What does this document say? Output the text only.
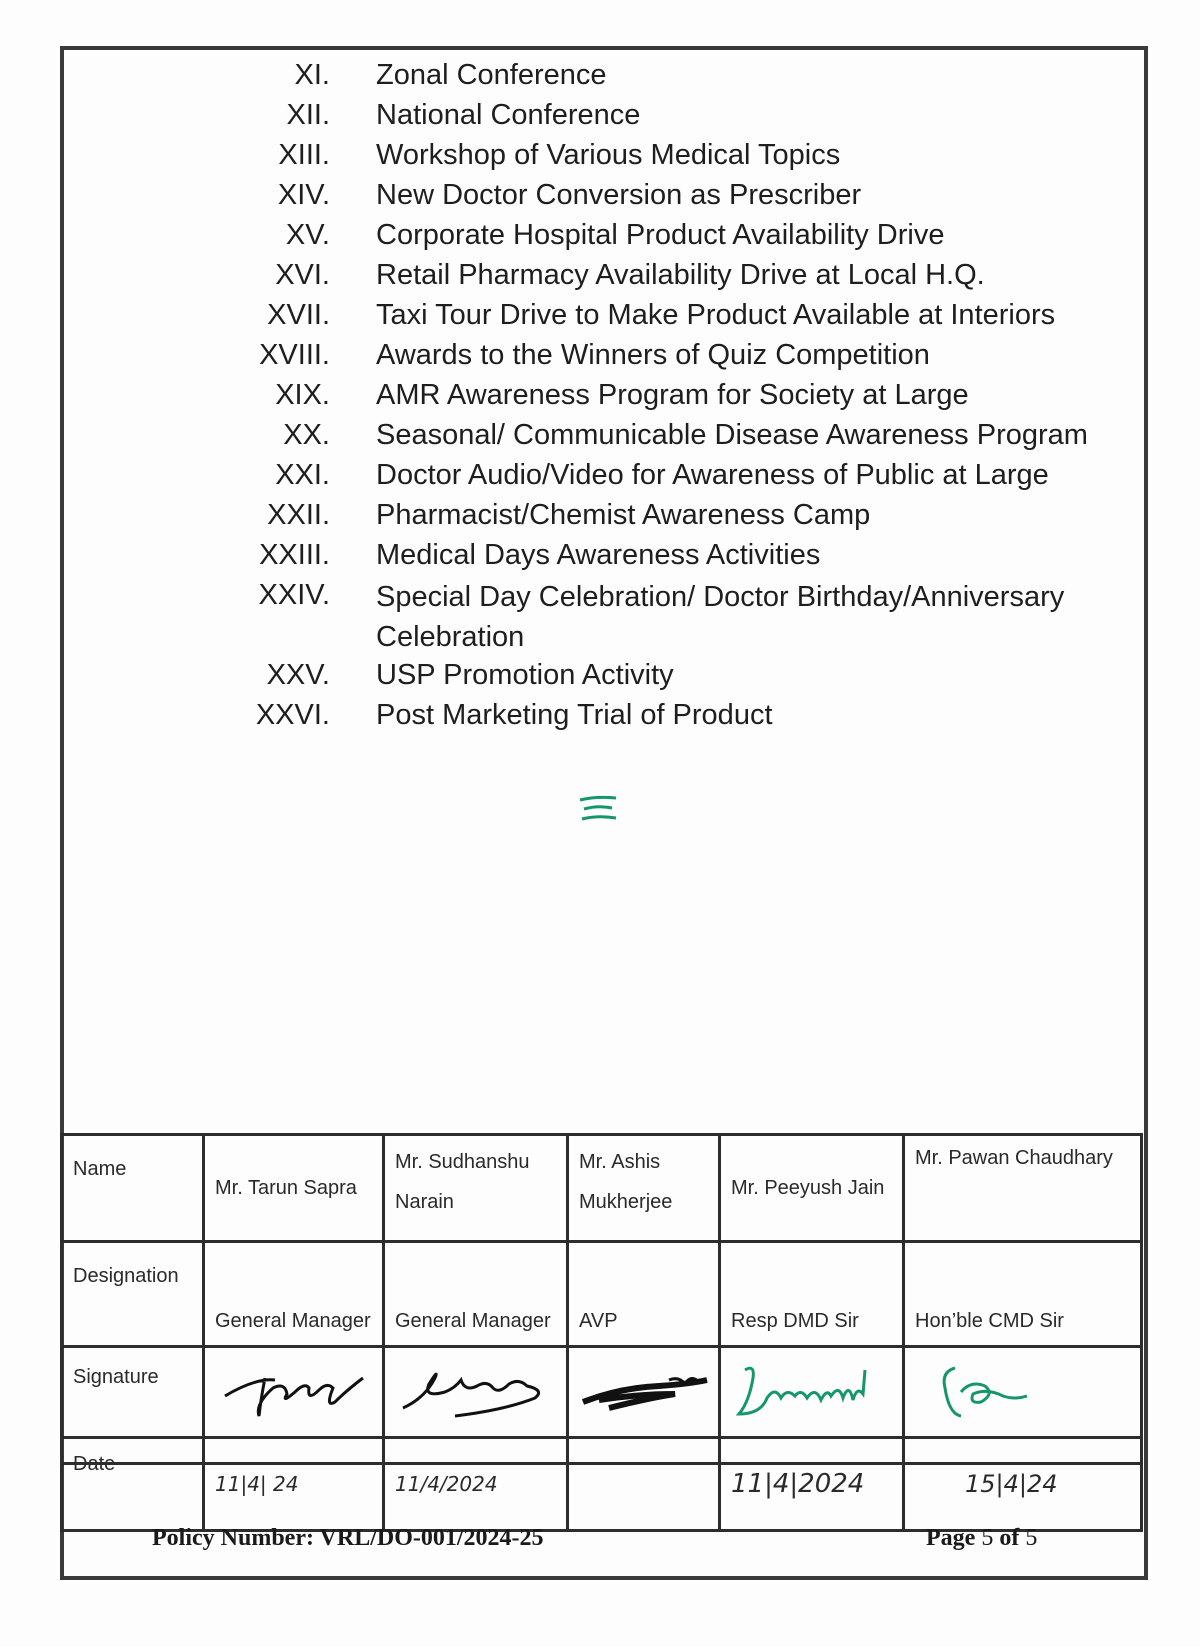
XI. Zonal Conference
XII. National Conference
XIII. Workshop of Various Medical Topics
XIV. New Doctor Conversion as Prescriber
XV. Corporate Hospital Product Availability Drive
XVI. Retail Pharmacy Availability Drive at Local H.Q.
XVII. Taxi Tour Drive to Make Product Available at Interiors
XVIII. Awards to the Winners of Quiz Competition
XIX. AMR Awareness Program for Society at Large
XX. Seasonal/ Communicable Disease Awareness Program
XXI. Doctor Audio/Video for Awareness of Public at Large
XXII. Pharmacist/Chemist Awareness Camp
XXIII. Medical Days Awareness Activities
XXIV. Special Day Celebration/ Doctor Birthday/Anniversary Celebration
XXV. USP Promotion Activity
XXVI. Post Marketing Trial of Product
Name	Mr. Tarun Sapra	Mr. Sudhanshu Narain	Mr. Ashis Mukherjee	Mr. Peeyush Jain	Mr. Pawan Chaudhary
Designation	General Manager	General Manager	AVP	Resp DMD Sir	Hon’ble CMD Sir
Signature					
Date	11|4| 24	11/4/2024		11|4|2024	15|4|24
Policy Number: VRL/DO-001/2024-25	Page 5 of 5
